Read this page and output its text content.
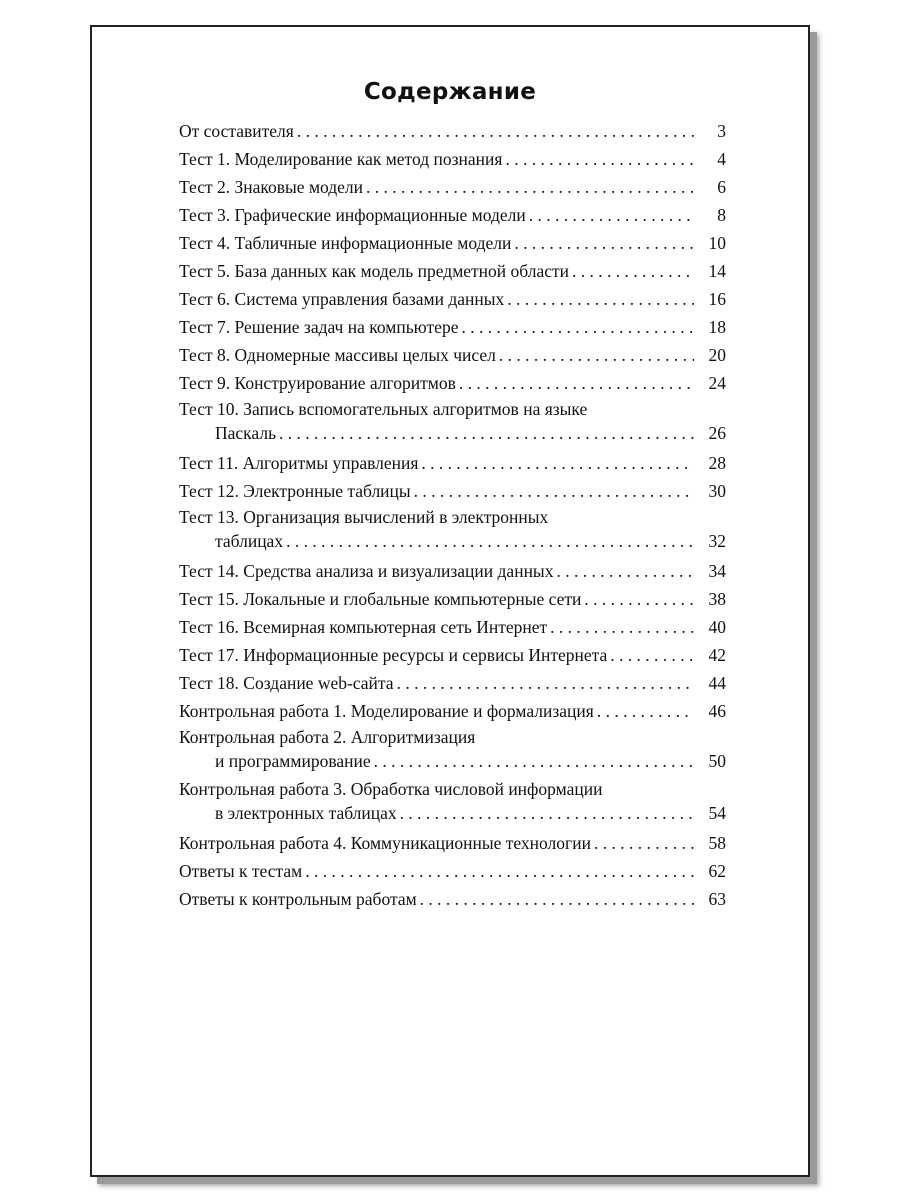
Содержание
От составителя . . .	3
Тест 1. Моделирование как метод познания . . .	4
Тест 2. Знаковые модели . . .	6
Тест 3. Графические информационные модели . . .	8
Тест 4. Табличные информационные модели . . .	10
Тест 5. База данных как модель предметной области . . .	14
Тест 6. Система управления базами данных . . .	16
Тест 7. Решение задач на компьютере . . .	18
Тест 8. Одномерные массивы целых чисел . . .	20
Тест 9. Конструирование алгоритмов . . .	24
Тест 10. Запись вспомогательных алгоритмов на языке
Паскаль . . .	26
Тест 11. Алгоритмы управления . . .	28
Тест 12. Электронные таблицы . . .	30
Тест 13. Организация вычислений в электронных
таблицах . . .	32
Тест 14. Средства анализа и визуализации данных . . .	34
Тест 15. Локальные и глобальные компьютерные сети . . .	38
Тест 16. Всемирная компьютерная сеть Интернет . . .	40
Тест 17. Информационные ресурсы и сервисы Интернета . . .	42
Тест 18. Создание web-сайта . . .	44
Контрольная работа 1. Моделирование и формализация . . .	46
Контрольная работа 2. Алгоритмизация
и программирование . . .	50
Контрольная работа 3. Обработка числовой информации
в электронных таблицах . . .	54
Контрольная работа 4. Коммуникационные технологии . . .	58
Ответы к тестам . . .	62
Ответы к контрольным работам . . .	63
